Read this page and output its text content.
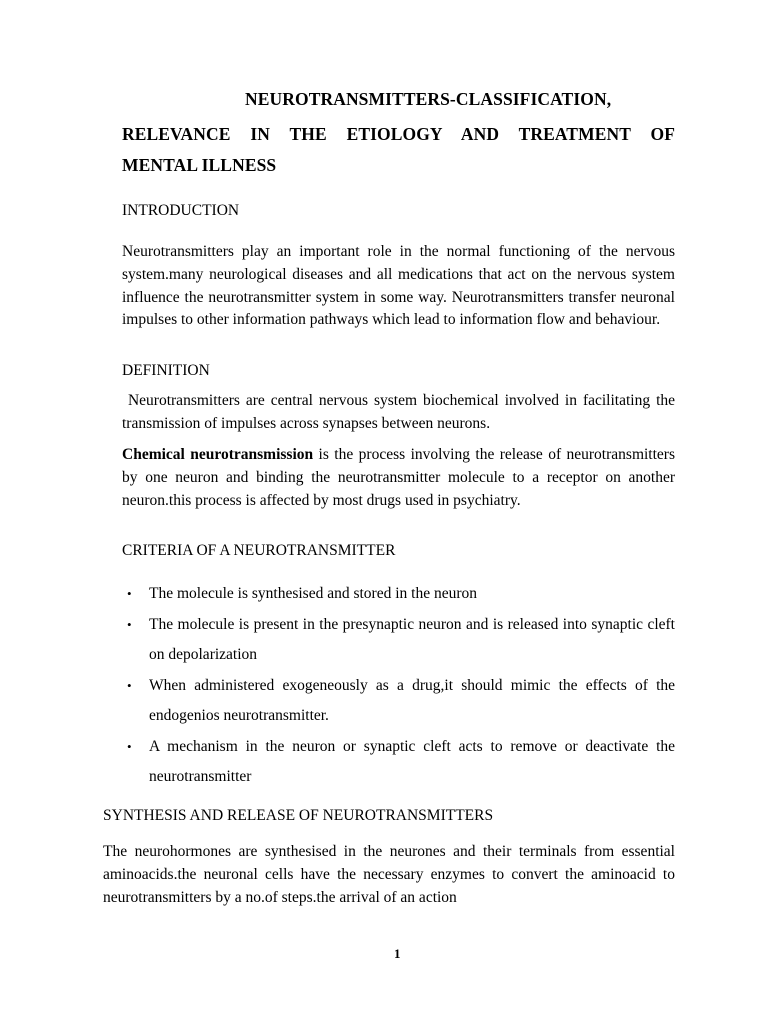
NEUROTRANSMITTERS-CLASSIFICATION,
RELEVANCE IN THE ETIOLOGY AND TREATMENT OF
MENTAL ILLNESS
INTRODUCTION
Neurotransmitters play an important role in the normal functioning of the nervous system.many neurological diseases and all medications that act on the nervous system influence the neurotransmitter system in some way. Neurotransmitters transfer neuronal impulses to other information pathways which lead to information flow and behaviour.
DEFINITION
Neurotransmitters are central nervous system biochemical involved in facilitating the transmission of impulses across synapses between neurons.
Chemical neurotransmission is the process involving the release of neurotransmitters by one neuron and binding the neurotransmitter molecule to a receptor on another neuron.this process is affected by most drugs used in psychiatry.
CRITERIA OF A NEUROTRANSMITTER
• The molecule is synthesised and stored in the neuron
• The molecule is present in the presynaptic neuron and is released into synaptic cleft on depolarization
• When administered exogeneously as a drug,it should mimic the effects of the endogenios neurotransmitter.
• A mechanism in the neuron or synaptic cleft acts to remove or deactivate the neurotransmitter
SYNTHESIS AND RELEASE OF NEUROTRANSMITTERS
The neurohormones are synthesised in the neurones and their terminals from essential aminoacids.the neuronal cells have the necessary enzymes to convert the aminoacid to neurotransmitters by a no.of steps.the arrival of an action
1
